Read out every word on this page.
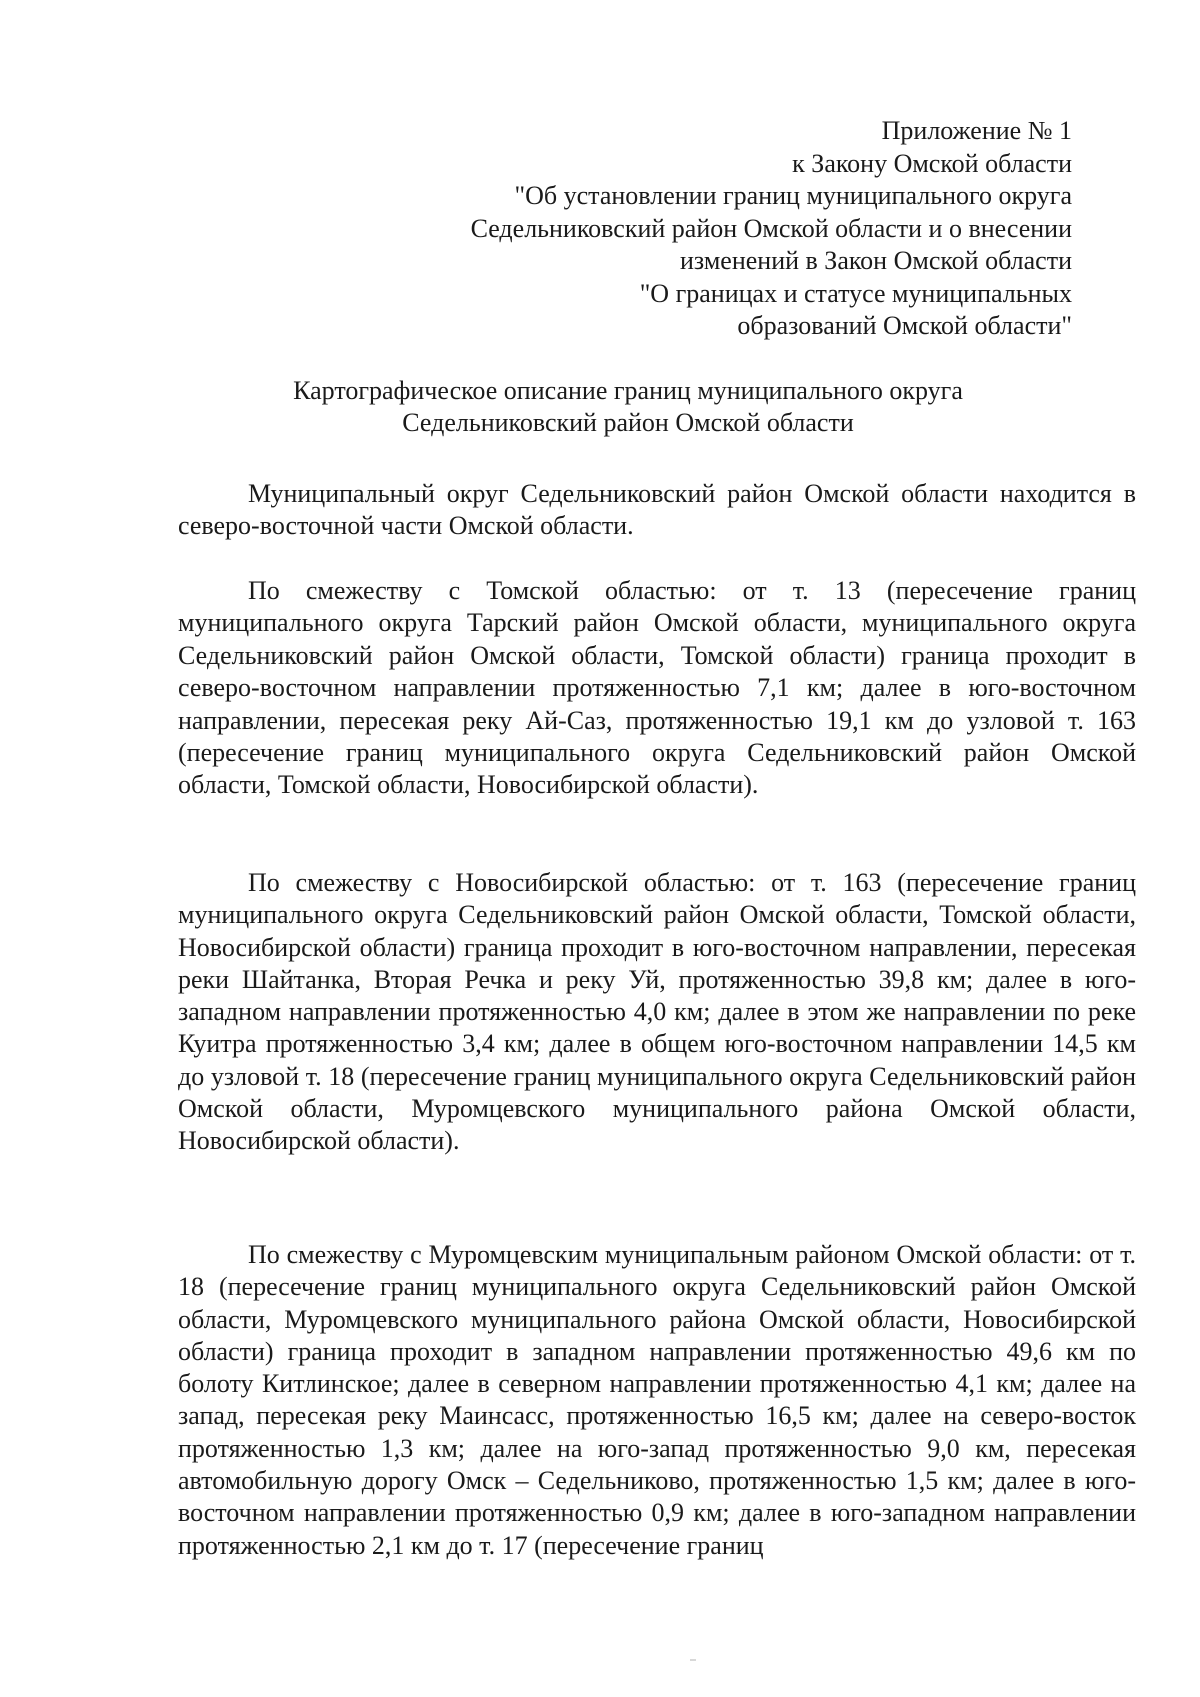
Приложение № 1
к Закону Омской области
"Об установлении границ муниципального округа
Седельниковский район Омской области и о внесении
изменений в Закон Омской области
"О границах и статусе муниципальных
образований Омской области"
Картографическое описание границ муниципального округа
Седельниковский район Омской области

Муниципальный округ Седельниковский район Омской области находится в северо-восточной части Омской области.

По смежеству с Томской областью: от т. 13 (пересечение границ муниципального округа Тарский район Омской области, муниципального округа Седельниковский район Омской области, Томской области) граница проходит в северо-восточном направлении протяженностью 7,1 км; далее в юго-восточном направлении, пересекая реку Ай-Саз, протяженностью 19,1 км до узловой т. 163 (пересечение границ муниципального округа Седельниковский район Омской области, Томской области, Новосибирской области).

По смежеству с Новосибирской областью: от т. 163 (пересечение границ муниципального округа Седельниковский район Омской области, Томской области, Новосибирской области) граница проходит в юго-восточном направлении, пересекая реки Шайтанка, Вторая Речка и реку Уй, протяженностью 39,8 км; далее в юго-западном направлении протяженностью 4,0 км; далее в этом же направлении по реке Куитра протяженностью 3,4 км; далее в общем юго-восточном направлении 14,5 км до узловой т. 18 (пересечение границ муниципального округа Седельниковский район Омской области, Муромцевского муниципального района Омской области, Новосибирской области).

По смежеству с Муромцевским муниципальным районом Омской области: от т. 18 (пересечение границ муниципального округа Седельниковский район Омской области, Муромцевского муниципального района Омской области, Новосибирской области) граница проходит в западном направлении протяженностью 49,6 км по болоту Китлинское; далее в северном направлении протяженностью 4,1 км; далее на запад, пересекая реку Маинсасс, протяженностью 16,5 км; далее на северо-восток протяженностью 1,3 км; далее на юго-запад протяженностью 9,0 км, пересекая автомобильную дорогу Омск – Седельниково, протяженностью 1,5 км; далее в юго-восточном направлении протяженностью 0,9 км; далее в юго-западном направлении протяженностью 2,1 км до т. 17 (пересечение границ
